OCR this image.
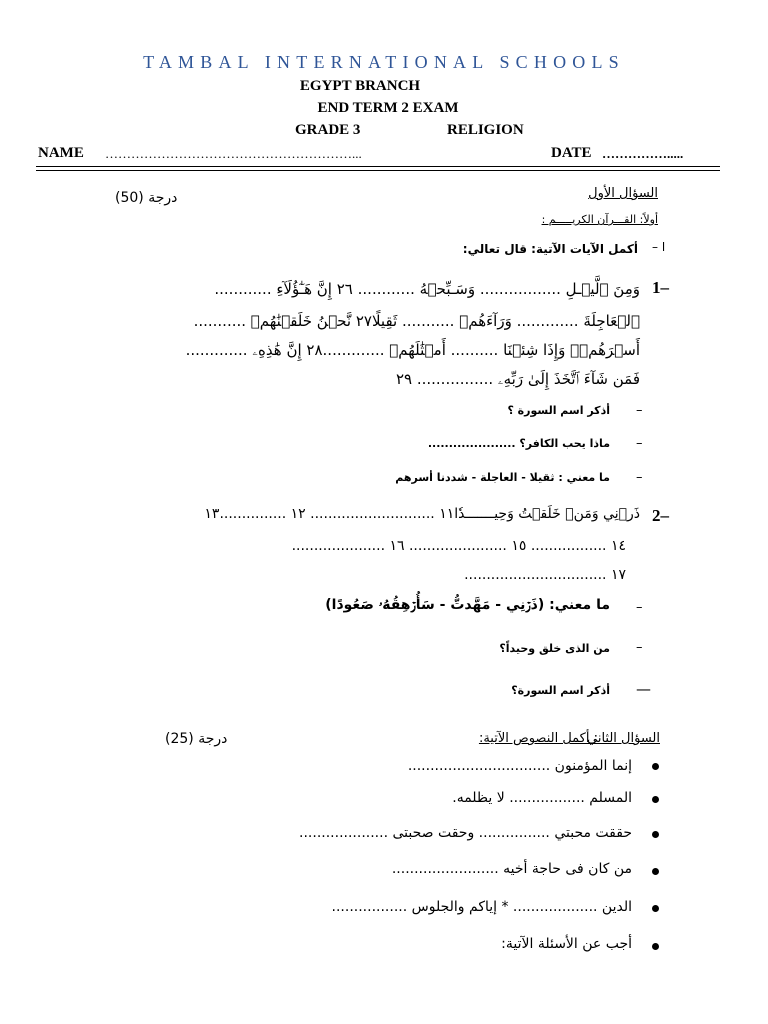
TAMBAL INTERNATIONAL SCHOOLS
EGYPT BRANCH
END TERM 2 EXAM
GRADE 3	RELIGION
NAME …………………………………………………...	DATE …………….....
السؤال الأول
درجة (50)
أولاً: القـــرآن الكريـــــم :
ا –
أكمل الآيات الآتية: قال تعالي:
1–
وَمِنَ ٱلَّيۡـلِ ................. وَسَـبِّحۡهُ ............ ٢٦ إِنَّ هَـٰٓؤُلَآءِ ............
ٱلۡعَاجِلَةَ ............. وَرَآءَهُمۡ ........... ثَقِيلًا٢٧ نَّحۡنُ خَلَقۡنَٰهُمۡ ...........
أَسۡرَهُمۡۖ وَإِذَا شِئۡنَا .......... أَمۡثَٰلَهُمۡ .............٢٨ إِنَّ هَٰذِهِۦ .............
فَمَن شَآءَ ٱتَّخَذَ إِلَىٰ رَبِّهِۦ ................ ٢٩
–
أذكر اسم السورة ؟
–
ماذا يحب الكافر؟ .....................
–
ما معني : ثقيلا - العاجلة - شددنا أسرهم
2–
ذَرۡنِي وَمَنۡ خَلَقۡتُ وَحِيـــــــدٗا١١ ............................ ١٢ ...............١٣
..................... ١٤ ................. ١٥ ...................... ١٦
................................ ١٧
–
ما معني: (ذَرۡنِي - مَهَّدتُّ - سَأُرۡهِقُهُۥ صَعُودًا)
–
من الذى خلق وحيداً؟
—
أذكر اسم السورة؟
السؤال الثاني
: أكمل النصوص الآتية:
درجة (25)
إنما المؤمنون ................................
المسلم ................. لا يظلمه.
حققت محبتي ................ وحقت صحبتى ....................
من كان فى حاجة أخيه ........................
الدين ................... * إياكم والجلوس .................
أجب عن الأسئلة الآتية:
